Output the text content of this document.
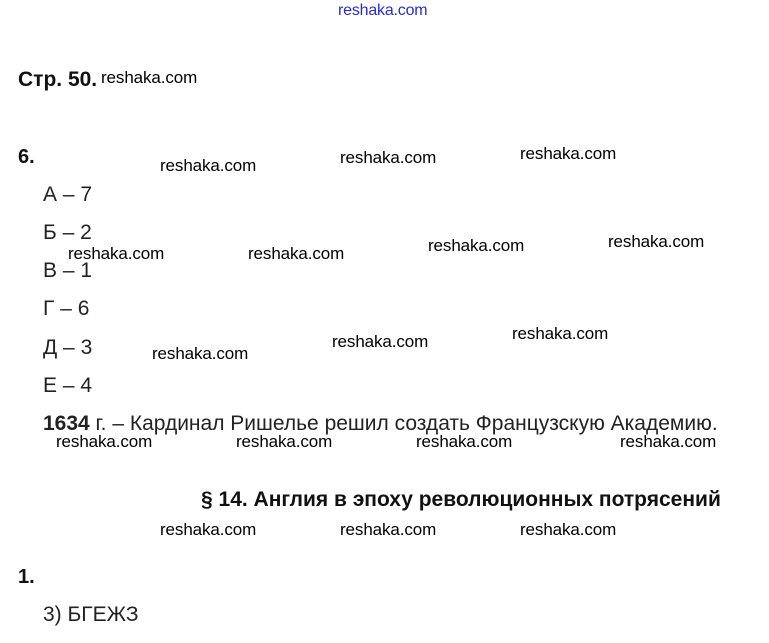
reshaka.com
Стр. 50.
6.
А – 7
Б – 2
В – 1
Г – 6
Д – 3
Е – 4
1634 г. – Кардинал Ришелье решил создать Французскую Академию.
§ 14. Англия в эпоху революционных потрясений
1.
3) БГЕЖЗ
reshaka.com
reshaka.com	reshaka.com	reshaka.com
reshaka.com	reshaka.com	reshaka.com	reshaka.com
reshaka.com
reshaka.com	reshaka.com
reshaka.com	reshaka.com	reshaka.com	reshaka.com
reshaka.com	reshaka.com	reshaka.com
